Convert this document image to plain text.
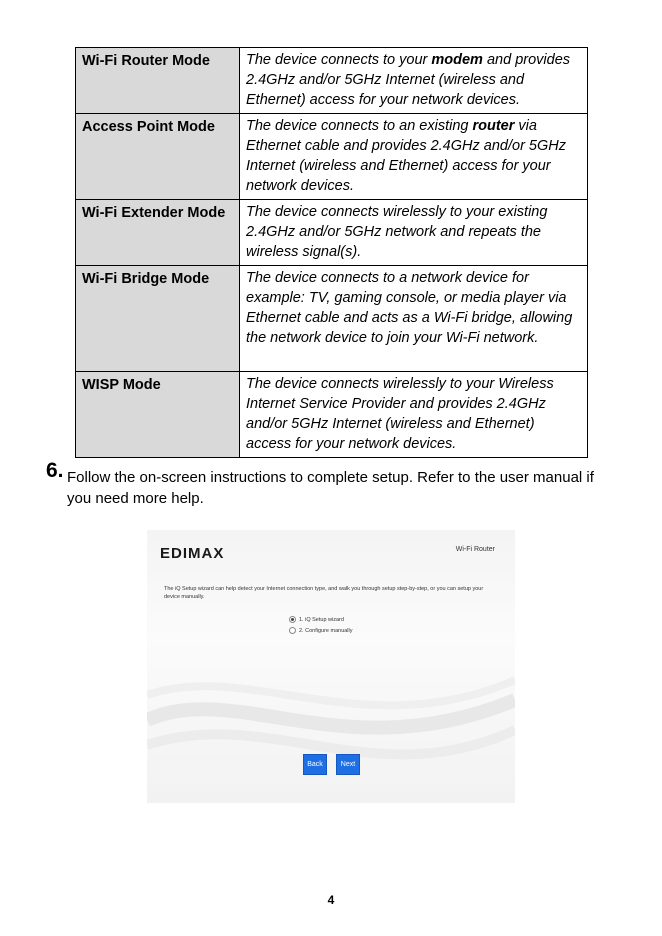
Wi-Fi Router Mode	The device connects to your modem and provides 2.4GHz and/or 5GHz Internet (wireless and Ethernet) access for your network devices.
Access Point Mode	The device connects to an existing router via Ethernet cable and provides 2.4GHz and/or 5GHz Internet (wireless and Ethernet) access for your network devices.
Wi-Fi Extender Mode	The device connects wirelessly to your existing 2.4GHz and/or 5GHz network and repeats the wireless signal(s).
Wi-Fi Bridge Mode	The device connects to a network device for example: TV, gaming console, or media player via Ethernet cable and acts as a Wi-Fi bridge, allowing the network device to join your Wi-Fi network.
WISP Mode	The device connects wirelessly to your Wireless Internet Service Provider and provides 2.4GHz and/or 5GHz Internet (wireless and Ethernet) access for your network devices.
6. Follow the on-screen instructions to complete setup. Refer to the user manual if you need more help.
EDIMAX	Wi-Fi Router
The iQ Setup wizard can help detect your Internet connection type, and walk you through setup step-by-step, or you can setup your device manually.
1. iQ Setup wizard
2. Configure manually
Back	Next
4
